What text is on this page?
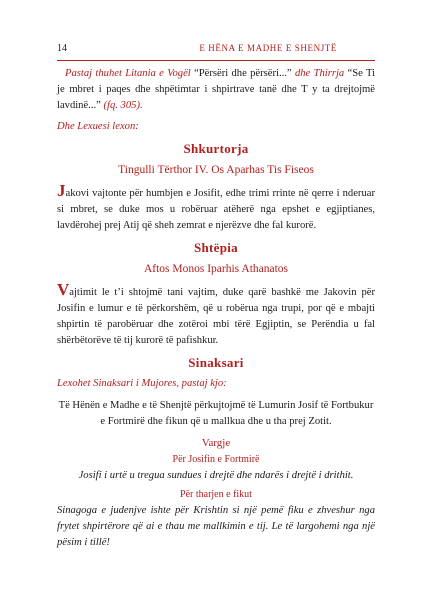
14	E HËNA E MADHE E SHENJTË

Pastaj thuhet Litania e Vogël “Përsëri dhe përsëri...” dhe Thirrja “Se Ti je mbret i paqes dhe shpëtimtar i shpirtrave tanë dhe T y ta drejtojmë lavdinë...” (fq. 305).

Dhe Lexuesi lexon:
Shkurtorja
Tingulli Tërthor IV. Os Aparhas Tis Fiseos

Jakovi vajtonte për humbjen e Josifit, edhe trimi rrinte në qerre i nderuar si mbret, se duke mos u robëruar atëherë nga epshet e egjiptianes, lavdërohej prej Atij që sheh zemrat e njerëzve dhe fal kurorë.

Shtëpia
Aftos Monos Iparhis Athanatos

Vajtimit le t’i shtojmë tani vajtim, duke qarë bashkë me Jakovin për Josifin e lumur e të përkorshëm, që u robërua nga trupi, por që e mbajti shpirtin të parobëruar dhe zotëroi mbi tërë Egjiptin, se Perëndia u fal shërbëtorëve të tij kurorë të pafishkur.

Sinaksari
Lexohet Sinaksari i Mujores, pastaj kjo:

Të Hënën e Madhe e të Shenjtë përkujtojmë të Lumurin Josif të Fortbukur e Fortmirë dhe fikun që u mallkua dhe u tha prej Zotit.

Vargje
Për Josifin e Fortmirë

Josifi i urtë u tregua sundues i drejtë dhe ndarës i drejtë i drithit.

Për tharjen e fikut

Sinagoga e judenjve ishte për Krishtin si një pemë fiku e zhveshur nga frytet shpirtërore që ai e thau me mallkimin e tij. Le të largohemi nga një pësim i tillë!
